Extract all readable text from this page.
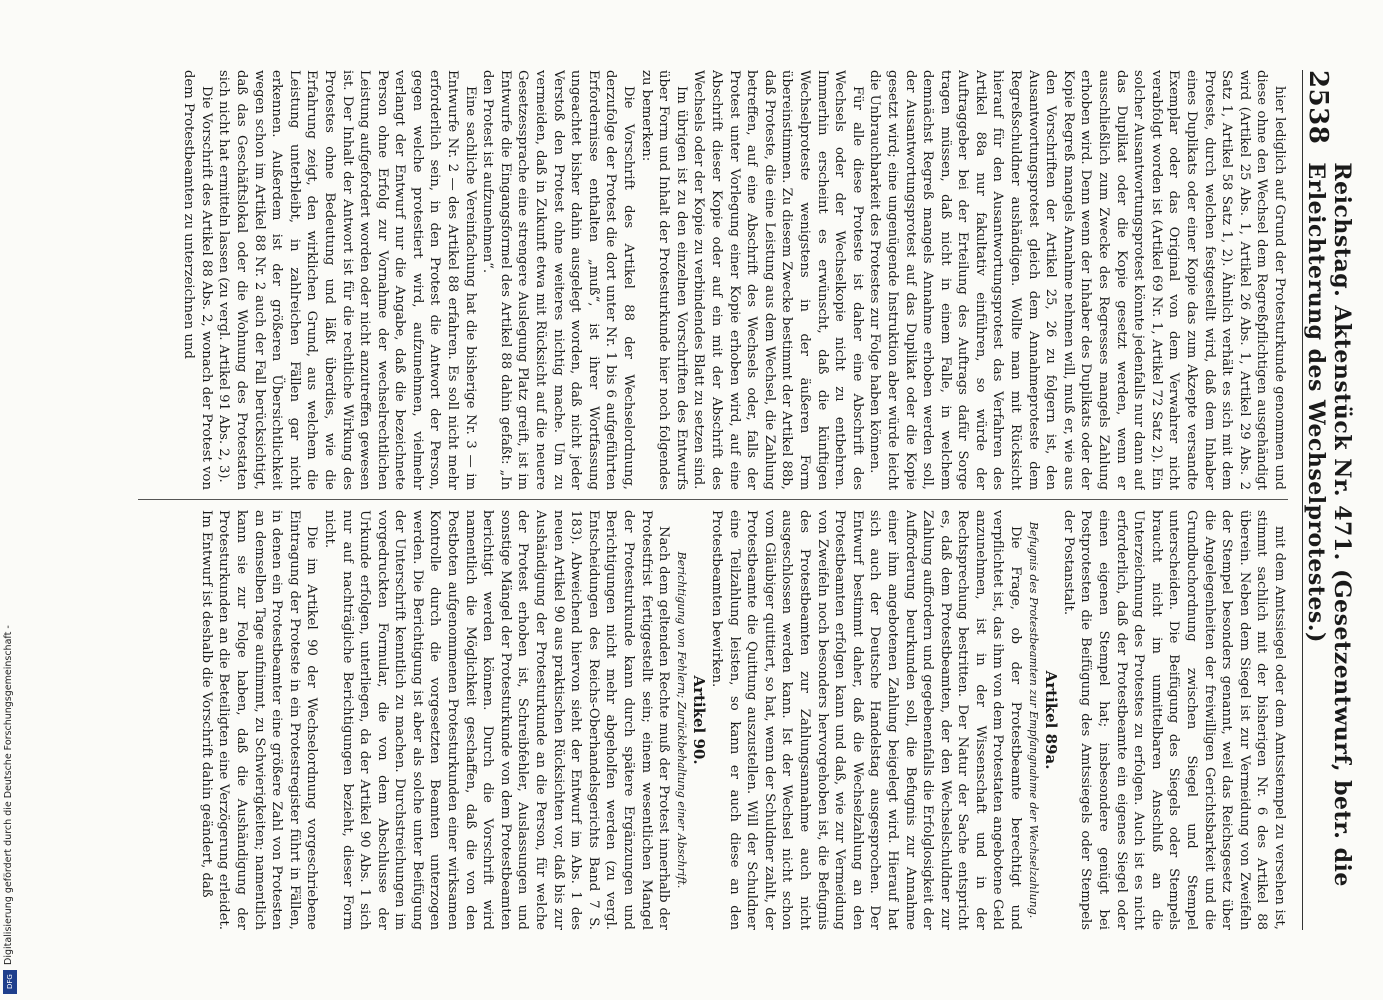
2538
Reichstag. Aktenstück Nr. 471. (Gesetzentwurf, betr. die Erleichterung des Wechselprotestes.)

hier lediglich auf Grund der Protesturkunde genommen und diese ohne den Wechsel dem Regreßpflichtigen ausgehändigt wird (Artikel 25 Abs. 1, Artikel 26 Abs. 1, Artikel 29 Abs. 2 Satz 1, Artikel 58 Satz 1, 2). Ähnlich verhält es sich mit dem Proteste, durch welchen festgestellt wird, daß dem Inhaber eines Duplikats oder einer Kopie das zum Akzepte versandte Exemplar oder das Original von dem Verwahrer nicht verabfolgt worden ist (Artikel 69 Nr. 1, Artikel 72 Satz 2). Ein solcher Ausantwortungsprotest könnte jedenfalls nur dann auf das Duplikat oder die Kopie gesetzt werden, wenn er ausschließlich zum Zwecke des Regresses mangels Zahlung erhoben wird. Denn wenn der Inhaber des Duplikats oder der Kopie Regreß mangels Annahme nehmen will, muß er, wie aus den Vorschriften der Artikel 25, 26 zu folgern ist, den Ausantwortungsprotest gleich dem Annahmeproteste dem Regreßschuldner aushändigen. Wollte man mit Rücksicht hierauf für den Ausantwortungsprotest das Verfahren des Artikel 88a nur fakultativ einführen, so würde der Auftraggeber bei der Erteilung des Auftrags dafür Sorge tragen müssen, daß nicht in einem Falle, in welchem demnächst Regreß mangels Annahme erhoben werden soll, der Ausantwortungsprotest auf das Duplikat oder die Kopie gesetzt wird; eine ungenügende Instruktion aber würde leicht die Unbrauchbarkeit des Protestes zur Folge haben können.

Für alle diese Proteste ist daher eine Abschrift des Wechsels oder der Wechselkopie nicht zu entbehren. Immerhin erscheint es erwünscht, daß die künftigen Wechselproteste wenigstens in der äußeren Form übereinstimmen. Zu diesem Zwecke bestimmt der Artikel 88b, daß Proteste, die eine Leistung aus dem Wechsel, die Zahlung betreffen, auf eine Abschrift des Wechsels oder, falls der Protest unter Vorlegung einer Kopie erhoben wird, auf eine Abschrift dieser Kopie oder auf ein mit der Abschrift des Wechsels oder der Kopie zu verbindendes Blatt zu setzen sind.

Im übrigen ist zu den einzelnen Vorschriften des Entwurfs über Form und Inhalt der Protesturkunde hier noch folgendes zu bemerken:

Die Vorschrift des Artikel 88 der Wechselordnung, derzufolge der Protest die dort unter Nr. 1 bis 6 aufgeführten Erfordernisse enthalten „muß“, ist ihrer Wortfassung ungeachtet bisher dahin ausgelegt worden, daß nicht jeder Verstoß den Protest ohne weiteres nichtig mache. Um zu vermeiden, daß in Zukunft etwa mit Rücksicht auf die neuere Gesetzessprache eine strengere Auslegung Platz greift, ist im Entwurfe die Eingangsformel des Artikel 88 dahin gefaßt: „In den Protest ist aufzunehmen“.

Eine sachliche Vereinfachung hat die bisherige Nr. 3 — im Entwurfe Nr. 2 — des Artikel 88 erfahren. Es soll nicht mehr erforderlich sein, in den Protest die Antwort der Person, gegen welche protestiert wird, aufzunehmen, vielmehr verlangt der Entwurf nur die Angabe, daß die bezeichnete Person ohne Erfolg zur Vornahme der wechselrechtlichen Leistung aufgefordert worden oder nicht anzutreffen gewesen ist. Der Inhalt der Antwort ist für die rechtliche Wirkung des Protestes ohne Bedeutung und läßt überdies, wie die Erfahrung zeigt, den wirklichen Grund, aus welchem die Leistung unterbleibt, in zahlreichen Fällen gar nicht erkennen. Außerdem ist der größeren Übersichtlichkeit wegen schon im Artikel 88 Nr. 2 auch der Fall berücksichtigt, daß das Geschäftslokal oder die Wohnung des Protestaten sich nicht hat ermitteln lassen (zu vergl. Artikel 91 Abs. 2, 3).

Die Vorschrift des Artikel 88 Abs. 2, wonach der Protest von dem Protestbeamten zu unterzeichnen und

mit dem Amtssiegel oder dem Amtsstempel zu versehen ist, stimmt sachlich mit der bisherigen Nr. 6 des Artikel 88 überein. Neben dem Siegel ist zur Vermeidung von Zweifeln der Stempel besonders genannt, weil das Reichsgesetz über die Angelegenheiten der freiwilligen Gerichtsbarkeit und die Grundbuchordnung zwischen Siegel und Stempel unterscheiden. Die Beifügung des Siegels oder Stempels braucht nicht im unmittelbaren Anschluß an die Unterzeichnung des Protestes zu erfolgen. Auch ist es nicht erforderlich, daß der Protestbeamte ein eigenes Siegel oder einen eigenen Stempel hat; insbesondere genügt bei Postprotesten die Beifügung des Amtssiegels oder Stempels der Postanstalt.

Artikel 89a.

Befugnis des Protestbeamten zur Empfangnahme der Wechselzahlung.

Die Frage, ob der Protestbeamte berechtigt und verpflichtet ist, das ihm von dem Protestaten angebotene Geld anzunehmen, ist in der Wissenschaft und in der Rechtsprechung bestritten. Der Natur der Sache entspricht es, daß dem Protestbeamten, der den Wechselschuldner zur Zahlung auffordern und gegebenenfalls die Erfolglosigkeit der Aufforderung beurkunden soll, die Befugnis zur Annahme einer ihm angebotenen Zahlung beigelegt wird. Hierauf hat sich auch der Deutsche Handelstag ausgesprochen. Der Entwurf bestimmt daher, daß die Wechselzahlung an den Protestbeamten erfolgen kann und daß, wie zur Vermeidung von Zweifeln noch besonders hervorgehoben ist, die Befugnis des Protestbeamten zur Zahlungsannahme auch nicht ausgeschlossen werden kann. Ist der Wechsel nicht schon vom Gläubiger quittiert, so hat, wenn der Schuldner zahlt, der Protestbeamte die Quittung auszustellen. Will der Schuldner eine Teilzahlung leisten, so kann er auch diese an den Protestbeamten bewirken.

Artikel 90.

Berichtigung von Fehlern; Zurückbehaltung einer Abschrift.

Nach dem geltenden Rechte muß der Protest innerhalb der Protestfrist fertiggestellt sein; einem wesentlichen Mangel der Protesturkunde kann durch spätere Ergänzungen und Berichtigungen nicht mehr abgeholfen werden (zu vergl. Entscheidungen des Reichs-Oberhandelsgerichts Band 7 S. 183). Abweichend hiervon sieht der Entwurf im Abs. 1 des neuen Artikel 90 aus praktischen Rücksichten vor, daß bis zur Aushändigung der Protesturkunde an die Person, für welche der Protest erhoben ist, Schreibfehler, Auslassungen und sonstige Mängel der Protesturkunde von dem Protestbeamten berichtigt werden können. Durch die Vorschrift wird namentlich die Möglichkeit geschaffen, daß die von den Postboten aufgenommenen Protesturkunden einer wirksamen Kontrolle durch die vorgesetzten Beamten unterzogen werden. Die Berichtigung ist aber als solche unter Beifügung der Unterschrift kenntlich zu machen. Durchstreichungen im vorgedruckten Formular, die von dem Abschlusse der Urkunde erfolgen, unterliegen, da der Artikel 90 Abs. 1 sich nur auf nachträgliche Berichtigungen bezieht, dieser Form nicht.

Die im Artikel 90 der Wechselordnung vorgeschriebene Eintragung der Proteste in ein Protestregister führt in Fällen, in denen ein Protestbeamter eine größere Zahl von Protesten an demselben Tage aufnimmt, zu Schwierigkeiten; namentlich kann sie zur Folge haben, daß die Aushändigung der Protesturkunden an die Beteiligten eine Verzögerung erleidet. Im Entwurf ist deshalb die Vorschrift dahin geändert, daß

Digitalisierung gefördert durch die Deutsche Forschungsgemeinschaft -
DFG
